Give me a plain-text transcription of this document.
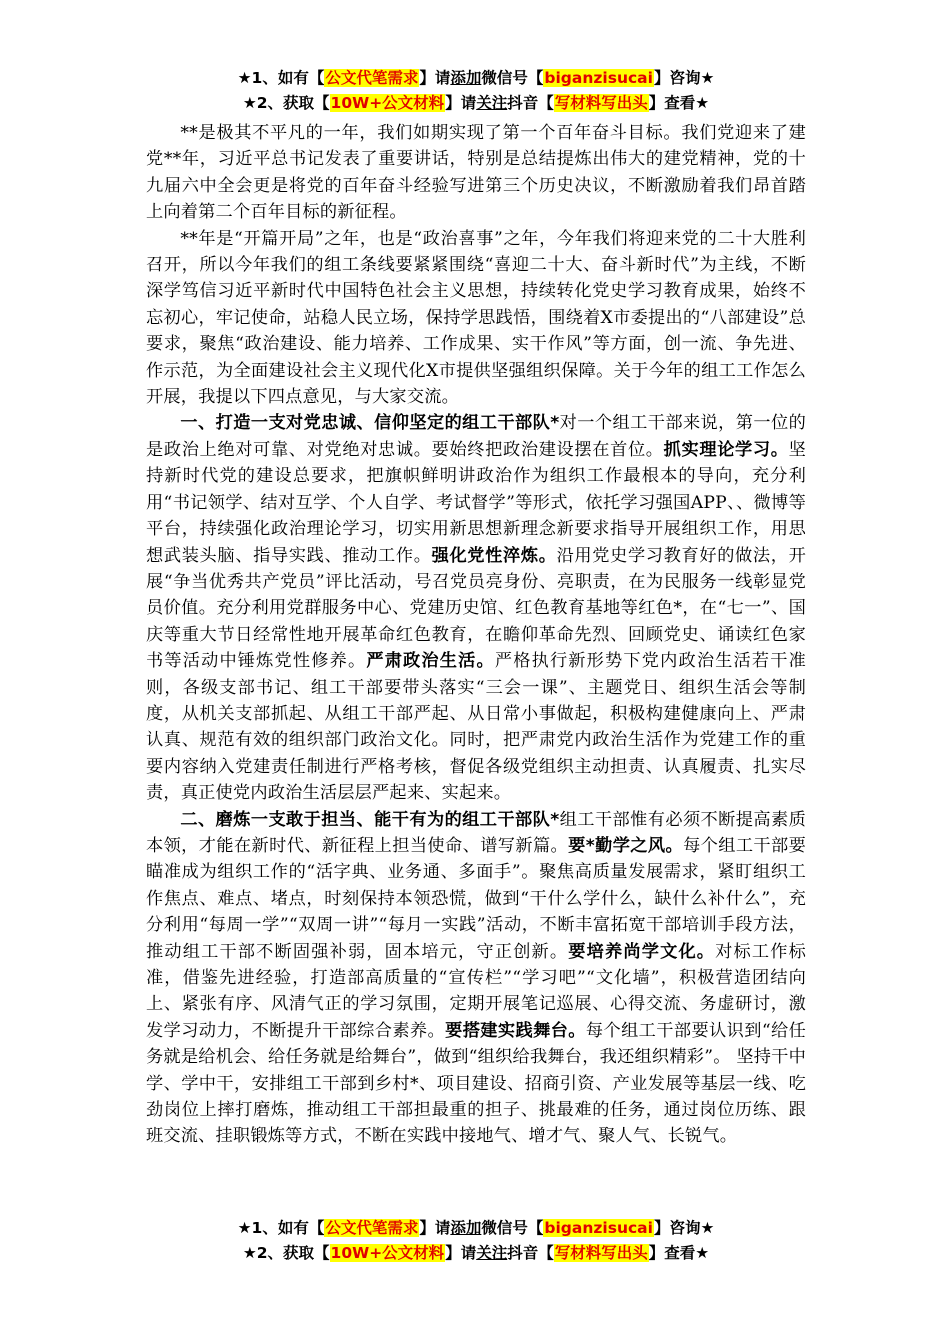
★1、如有【公文代笔需求】请添加微信号【biganzisucai】咨询★
★2、获取【10W+公文材料】请关注抖音【写材料写出头】查看★

**是极其不平凡的一年，我们如期实现了第一个百年奋斗目标。我们党迎来了建党**年，习近平总书记发表了重要讲话，特别是总结提炼出伟大的建党精神，党的十九届六中全会更是将党的百年奋斗经验写进第三个历史决议，不断激励着我们昂首踏上向着第二个百年目标的新征程。

**年是“开篇开局”之年，也是“政治喜事”之年，今年我们将迎来党的二十大胜利召开，所以今年我们的组工条线要紧紧围绕“喜迎二十大、奋斗新时代”为主线，不断深学笃信习近平新时代中国特色社会主义思想，持续转化党史学习教育成果，始终不忘初心，牢记使命，站稳人民立场，保持学思践悟，围绕着X市委提出的“八部建设”总要求，聚焦“政治建设、能力培养、工作成果、实干作风”等方面，创一流、争先进、作示范，为全面建设社会主义现代化X市提供坚强组织保障。关于今年的组工工作怎么开展，我提以下四点意见，与大家交流。

一、打造一支对党忠诚、信仰坚定的组工干部队*对一个组工干部来说，第一位的是政治上绝对可靠、对党绝对忠诚。要始终把政治建设摆在首位。抓实理论学习。坚持新时代党的建设总要求，把旗帜鲜明讲政治作为组织工作最根本的导向，充分利用“书记领学、结对互学、个人自学、考试督学”等形式，依托学习强国APP、、微博等平台，持续强化政治理论学习，切实用新思想新理念新要求指导开展组织工作，用思想武装头脑、指导实践、推动工作。强化党性淬炼。沿用党史学习教育好的做法，开展“争当优秀共产党员”评比活动，号召党员亮身份、亮职责，在为民服务一线彰显党员价值。充分利用党群服务中心、党建历史馆、红色教育基地等红色*，在“七一”、国庆等重大节日经常性地开展革命红色教育，在瞻仰革命先烈、回顾党史、诵读红色家书等活动中锤炼党性修养。严肃政治生活。严格执行新形势下党内政治生活若干准则，各级支部书记、组工干部要带头落实“三会一课”、主题党日、组织生活会等制度，从机关支部抓起、从组工干部严起、从日常小事做起，积极构建健康向上、严肃认真、规范有效的组织部门政治文化。同时，把严肃党内政治生活作为党建工作的重要内容纳入党建责任制进行严格考核，督促各级党组织主动担责、认真履责、扎实尽责，真正使党内政治生活层层严起来、实起来。

二、磨炼一支敢于担当、能干有为的组工干部队*组工干部惟有必须不断提高素质本领，才能在新时代、新征程上担当使命、谱写新篇。要*勤学之风。每个组工干部要瞄准成为组织工作的“活字典、业务通、多面手”。聚焦高质量发展需求，紧盯组织工作焦点、难点、堵点，时刻保持本领恐慌，做到“干什么学什么，缺什么补什么”，充分利用“每周一学”“双周一讲”“每月一实践”活动，不断丰富拓宽干部培训手段方法，推动组工干部不断固强补弱，固本培元，守正创新。要培养尚学文化。对标工作标准，借鉴先进经验，打造部高质量的“宣传栏”“学习吧”“文化墙”，积极营造团结向上、紧张有序、风清气正的学习氛围，定期开展笔记巡展、心得交流、务虚研讨，激发学习动力，不断提升干部综合素养。要搭建实践舞台。每个组工干部要认识到“给任务就是给机会、给任务就是给舞台”，做到“组织给我舞台，我还组织精彩”。 坚持干中学、学中干，安排组工干部到乡村*、项目建设、招商引资、产业发展等基层一线、吃劲岗位上摔打磨炼，推动组工干部担最重的担子、挑最难的任务，通过岗位历练、跟班交流、挂职锻炼等方式，不断在实践中接地气、增才气、聚人气、长锐气。

★1、如有【公文代笔需求】请添加微信号【biganzisucai】咨询★
★2、获取【10W+公文材料】请关注抖音【写材料写出头】查看★
